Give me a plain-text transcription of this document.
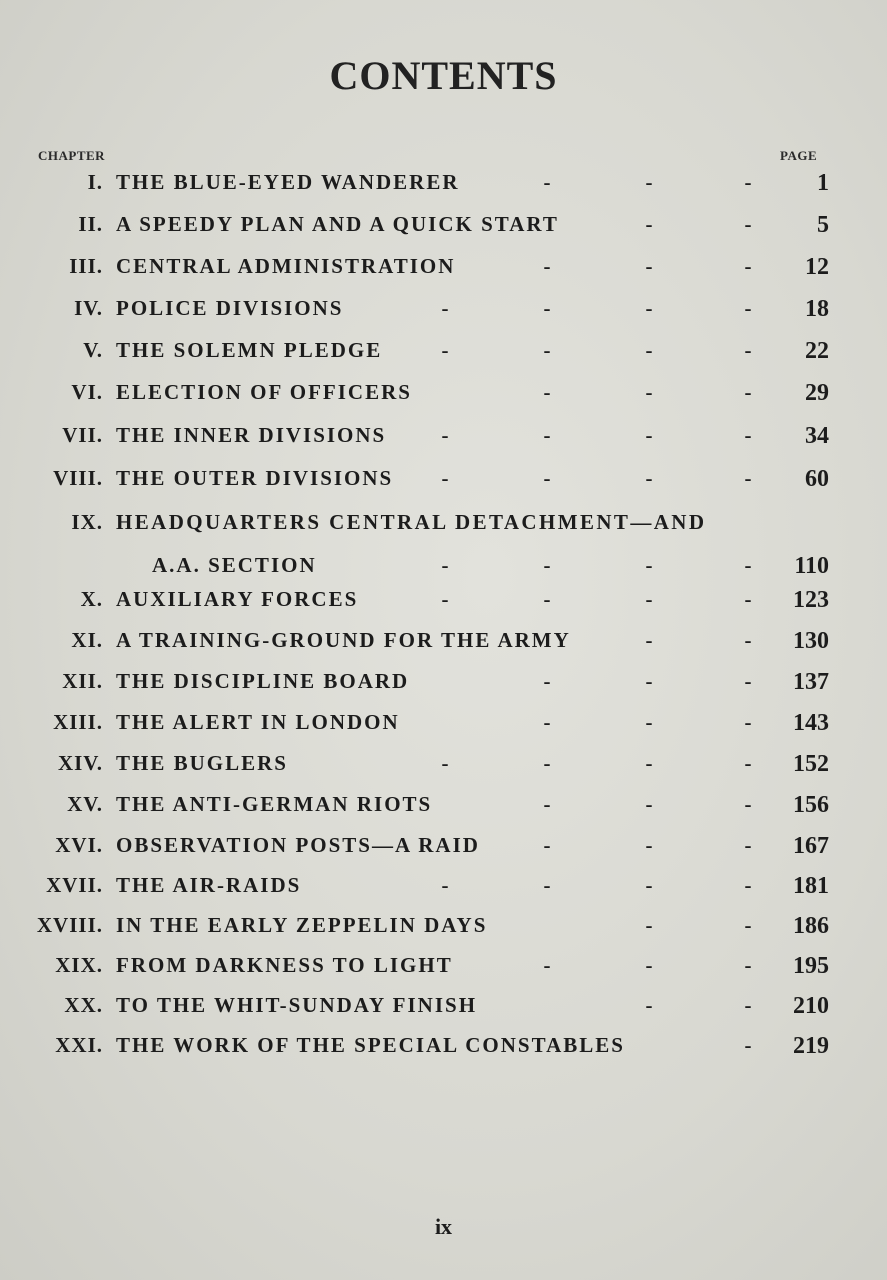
CONTENTS
CHAPTER	PAGE
I. THE BLUE-EYED WANDERER	-	-	-	1
II. A SPEEDY PLAN AND A QUICK START	-	-	5
III. CENTRAL ADMINISTRATION	-	-	- 12
IV. POLICE DIVISIONS	-	-	-	- 18
V. THE SOLEMN PLEDGE	-	-	-	- 22
VI. ELECTION OF OFFICERS	-	-	- 29
VII. THE INNER DIVISIONS	-	-	-	- 34
VIII. THE OUTER DIVISIONS -	-	-	- 60
IX. HEADQUARTERS CENTRAL DETACHMENT—AND
A.A. SECTION	-	-	-	- 110
X. AUXILIARY FORCES	-	-	-	- 123
XI. A TRAINING-GROUND FOR THE ARMY	-	- 130
XII. THE DISCIPLINE BOARD	-	-	- 137
XIII. THE ALERT IN LONDON	-	-	- 143
XIV. THE BUGLERS	-	-	-	- 152
XV. THE ANTI-GERMAN RIOTS	-	-	- 156
XVI. OBSERVATION POSTS—A RAID	-	-	- 167
XVII. THE AIR-RAIDS	-	-	-	- 181
XVIII. IN THE EARLY ZEPPELIN DAYS	-	- 186
XIX. FROM DARKNESS TO LIGHT	-	-	- 195
XX. TO THE WHIT-SUNDAY FINISH	-	- 210
XXI. THE WORK OF THE SPECIAL CONSTABLES	- 219
ix
